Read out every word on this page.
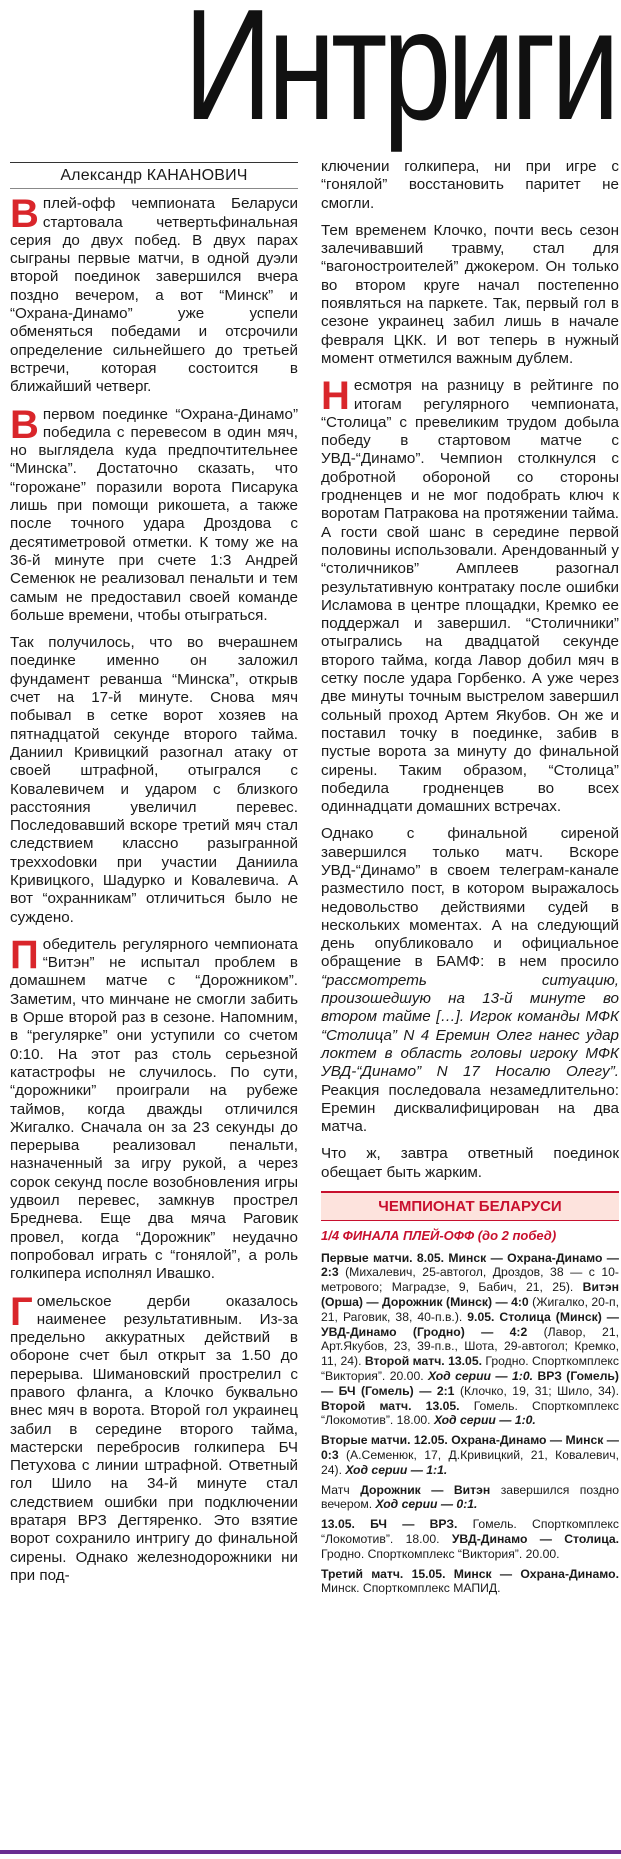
Интриги
Александр КАНАНОВИЧ

Вплей-офф чемпионата Беларуси стартовала четвертьфинальная серия до двух побед. В двух парах сыграны первые матчи, в одной дуэли второй поединок завершился вчера поздно вечером, а вот “Минск” и “Охрана-Динамо” уже успели обменяться победами и отсрочили определение сильнейшего до третьей встречи, которая состоится в ближайший четверг.

Впервом поединке “Охрана-Динамо” победила с перевесом в один мяч, но выглядела куда предпочтительнее “Минска”. Достаточно сказать, что “горожане” поразили ворота Писарука лишь при помощи рикошета, а также после точного удара Дроздова с десятиметровой отметки. К тому же на 36-й минуте при счете 1:3 Андрей Семенюк не реализовал пенальти и тем самым не предоставил своей команде больше времени, чтобы отыграться.

Так получилось, что во вчерашнем поединке именно он заложил фундамент реванша “Минска”, открыв счет на 17-й минуте. Снова мяч побывал в сетке ворот хозяев на пятнадцатой секунде второго тайма. Даниил Кривицкий разогнал атаку от своей штрафной, отыгрался с Ковалевичем и ударом с близкого расстояния увеличил перевес. Последовавший вскоре третий мяч стал следствием классно разыгранной треххodовки при участии Даниила Кривицкого, Шадурко и Ковалевича. А вот “охранникам” отличиться было не суждено.

Победитель регулярного чемпионата “Витэн” не испытал проблем в домашнем матче с “Дорожником”. Заметим, что минчане не смогли забить в Орше второй раз в сезоне. Напомним, в “регулярке” они уступили со счетом 0:10. На этот раз столь серьезной катастрофы не случилось. По сути, “дорожники” проиграли на рубеже таймов, когда дважды отличился Жигалко. Сначала он за 23 секунды до перерыва реализовал пенальти, назначенный за игру рукой, а через сорок секунд после возобновления игры удвоил перевес, замкнув прострел Бреднева. Еще два мяча Раговик провел, когда “Дорожник” неудачно попробовал играть с “гонялой”, а роль голкипера исполнял Ивашко.

Гомельское дерби оказалось наименее результативным. Из-за предельно аккуратных действий в обороне счет был открыт за 1.50 до перерыва. Шимановский прострелил с правого фланга, а Клочко буквально внес мяч в ворота. Второй гол украинец забил в середине второго тайма, мастерски перебросив голкипера БЧ Петухова с линии штрафной. Ответный гол Шило на 34-й минуте стал следствием ошибки при подключении вратаря ВРЗ Дегтяренко. Это взятие ворот сохранило интригу до финальной сирены. Однако железнодорожники ни при под-

ключении голкипера, ни при игре с “гонялой” восстановить паритет не смогли.

Тем временем Клочко, почти весь сезон залечивавший травму, стал для “вагоностроителей” джокером. Он только во втором круге начал постепенно появляться на паркете. Так, первый гол в сезоне украинец забил лишь в начале февраля ЦКК. И вот теперь в нужный момент отметился важным дублем.

Несмотря на разницу в рейтинге по итогам регулярного чемпионата, “Столица” с превеликим трудом добыла победу в стартовом матче с УВД-“Динамо”. Чемпион столкнулся с добротной обороной со стороны гродненцев и не мог подобрать ключ к воротам Патракова на протяжении тайма. А гости свой шанс в середине первой половины использовали. Арендованный у “столичников” Амплеев разогнал результативную контратаку после ошибки Исламова в центре площадки, Кремко ее поддержал и завершил. “Столичники” отыгрались на двадцатой секунде второго тайма, когда Лавор добил мяч в сетку после удара Горбенко. А уже через две минуты точным выстрелом завершил сольный проход Артем Якубов. Он же и поставил точку в поединке, забив в пустые ворота за минуту до финальной сирены. Таким образом, “Столица” победила гродненцев во всех одиннадцати домашних встречах.

Однако с финальной сиреной завершился только матч. Вскоре УВД-“Динамо” в своем телеграм-канале разместило пост, в котором выражалось недовольство действиями судей в нескольких моментах. А на следующий день опубликовало и официальное обращение в БАМФ: в нем просило “рассмотреть ситуацию, произошедшую на 13-й минуте во втором тайме […]. Игрок команды МФК “Столица” N 4 Еремин Олег нанес удар локтем в область головы игроку МФК УВД-“Динамо” N 17 Носалю Олегу”. Реакция последовала незамедлительно: Еремин дисквалифицирован на два матча.

Что ж, завтра ответный поединок обещает быть жарким.

ЧЕМПИОНАТ БЕЛАРУСИ
1/4 ФИНАЛА ПЛЕЙ-ОФФ (до 2 побед)

Первые матчи. 8.05. Минск — Охрана-Динамо — 2:3 (Михалевич, 25-автогол, Дроздов, 38 — с 10-метрового; Маградзе, 9, Бабич, 21, 25). Витэн (Орша) — Дорожник (Минск) — 4:0 (Жигалко, 20-п, 21, Раговик, 38, 40-п.в.). 9.05. Столица (Минск) — УВД-Динамо (Гродно) — 4:2 (Лавор, 21, Арт.Якубов, 23, 39-п.в., Шота, 29-автогол; Кремко, 11, 24). Второй матч. 13.05. Гродно. Спорткомплекс “Виктория”. 20.00. Ход серии — 1:0. ВРЗ (Гомель) — БЧ (Гомель) — 2:1 (Клочко, 19, 31; Шило, 34). Второй матч. 13.05. Гомель. Спорткомплекс “Локомотив”. 18.00. Ход серии — 1:0.

Вторые матчи. 12.05. Охрана-Динамо — Минск — 0:3 (А.Семенюк, 17, Д.Кривицкий, 21, Ковалевич, 24). Ход серии — 1:1.

Матч Дорожник — Витэн завершился поздно вечером. Ход серии — 0:1.

13.05. БЧ — ВРЗ. Гомель. Спорткомплекс “Локомотив”. 18.00. УВД-Динамо — Столица. Гродно. Спорткомплекс “Виктория”. 20.00.

Третий матч. 15.05. Минск — Охрана-Динамо. Минск. Спорткомплекс МАПИД.
